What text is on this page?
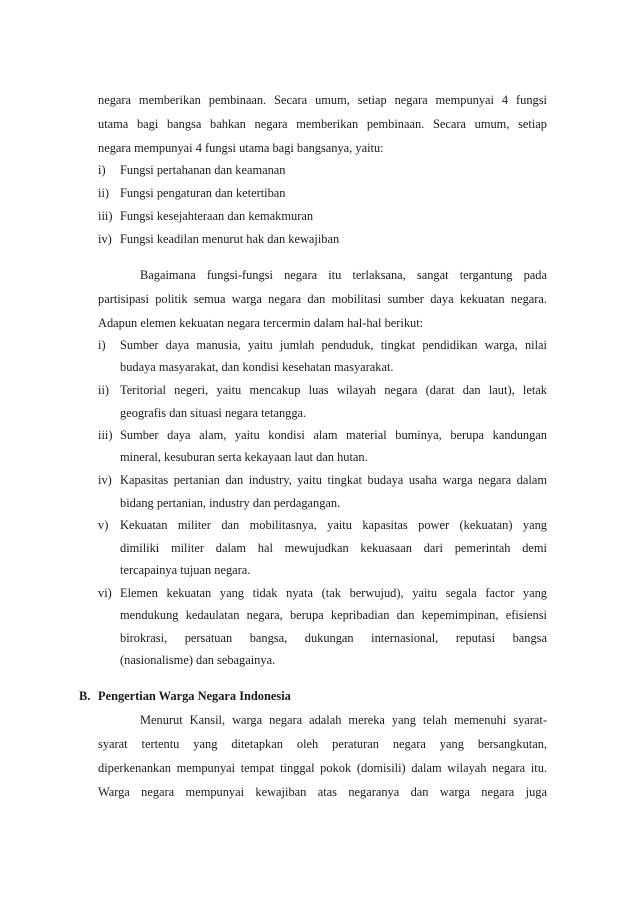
negara memberikan pembinaan. Secara umum, setiap negara mempunyai 4 fungsi
utama bagi bangsa bahkan negara memberikan pembinaan. Secara umum, setiap
negara mempunyai 4 fungsi utama bagi bangsanya, yaitu:
i) Fungsi pertahanan dan keamanan
ii) Fungsi pengaturan dan ketertiban
iii) Fungsi kesejahteraan dan kemakmuran
iv) Fungsi keadilan menurut hak dan kewajiban
Bagaimana fungsi-fungsi negara itu terlaksana, sangat tergantung pada
partisipasi politik semua warga negara dan mobilitasi sumber daya kekuatan negara.
Adapun elemen kekuatan negara tercermin dalam hal-hal berikut:
i) Sumber daya manusia, yaitu jumlah penduduk, tingkat pendidikan warga, nilai
budaya masyarakat, dan kondisi kesehatan masyarakat.
ii) Teritorial negeri, yaitu mencakup luas wilayah negara (darat dan laut), letak
geografis dan situasi negara tetangga.
iii) Sumber daya alam, yaitu kondisi alam material buminya, berupa kandungan
mineral, kesuburan serta kekayaan laut dan hutan.
iv) Kapasitas pertanian dan industry, yaitu tingkat budaya usaha warga negara dalam
bidang pertanian, industry dan perdagangan.
v) Kekuatan militer dan mobilitasnya, yaitu kapasitas power (kekuatan) yang
dimiliki militer dalam hal mewujudkan kekuasaan dari pemerintah demi
tercapainya tujuan negara.
vi) Elemen kekuatan yang tidak nyata (tak berwujud), yaitu segala factor yang
mendukung kedaulatan negara, berupa kepribadian dan kepemimpinan, efisiensi
birokrasi, persatuan bangsa, dukungan internasional, reputasi bangsa
(nasionalisme) dan sebagainya.
B. Pengertian Warga Negara Indonesia
Menurut Kansil, warga negara adalah mereka yang telah memenuhi syarat-
syarat tertentu yang ditetapkan oleh peraturan negara yang bersangkutan,
diperkenankan mempunyai tempat tinggal pokok (domisili) dalam wilayah negara itu.
Warga negara mempunyai kewajiban atas negaranya dan warga negara juga
